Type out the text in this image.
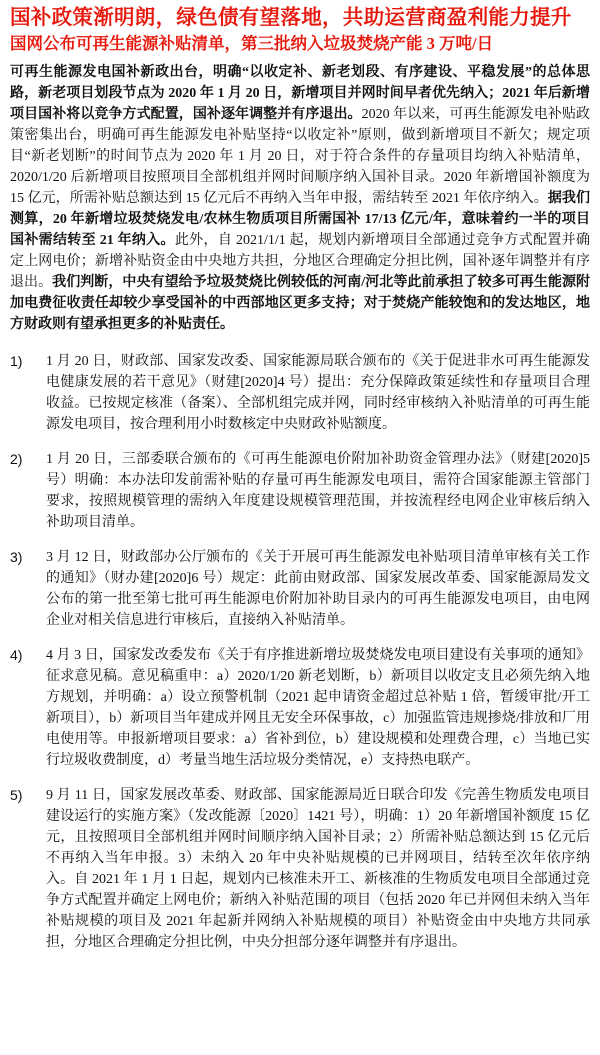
国补政策渐明朗，绿色债有望落地，共助运营商盈利能力提升
国网公布可再生能源补贴清单，第三批纳入垃圾焚烧产能 3 万吨/日
可再生能源发电国补新政出台，明确“以收定补、新老划段、有序建设、平稳发展”的总体思路，新老项目划段节点为 2020 年 1 月 20 日，新增项目并网时间早者优先纳入；2021 年后新增项目国补将以竞争方式配置，国补逐年调整并有序退出。2020 年以来，可再生能源发电补贴政策密集出台，明确可再生能源发电补贴坚持“以收定补”原则，做到新增项目不新欠；规定项目“新老划断”的时间节点为 2020 年 1 月 20 日，对于符合条件的存量项目均纳入补贴清单，2020/1/20 后新增项目按照项目全部机组并网时间顺序纳入国补目录。2020 年新增国补额度为 15 亿元，所需补贴总额达到 15 亿元后不再纳入当年申报，需结转至 2021 年依序纳入。据我们测算，20 年新增垃圾焚烧发电/农林生物质项目所需国补 17/13 亿元/年，意味着约一半的项目国补需结转至 21 年纳入。此外，自 2021/1/1 起，规划内新增项目全部通过竞争方式配置并确定上网电价；新增补贴资金由中央地方共担，分地区合理确定分担比例，国补逐年调整并有序退出。我们判断，中央有望给予垃圾焚烧比例较低的河南/河北等此前承担了较多可再生能源附加电费征收责任却较少享受国补的中西部地区更多支持；对于焚烧产能较饱和的发达地区，地方财政则有望承担更多的补贴责任。
1) 1 月 20 日，财政部、国家发改委、国家能源局联合颁布的《关于促进非水可再生能源发电健康发展的若干意见》（财建[2020]4 号）提出：充分保障政策延续性和存量项目合理收益。已按规定核准（备案）、全部机组完成并网，同时经审核纳入补贴清单的可再生能源发电项目，按合理利用小时数核定中央财政补贴额度。
2) 1 月 20 日，三部委联合颁布的《可再生能源电价附加补助资金管理办法》（财建[2020]5 号）明确：本办法印发前需补贴的存量可再生能源发电项目，需符合国家能源主管部门要求，按照规模管理的需纳入年度建设规模管理范围，并按流程经电网企业审核后纳入补助项目清单。
3) 3 月 12 日，财政部办公厅颁布的《关于开展可再生能源发电补贴项目清单审核有关工作的通知》（财办建[2020]6 号）规定：此前由财政部、国家发展改革委、国家能源局发文公布的第一批至第七批可再生能源电价附加补助目录内的可再生能源发电项目，由电网企业对相关信息进行审核后，直接纳入补贴清单。
4) 4 月 3 日，国家发改委发布《关于有序推进新增垃圾焚烧发电项目建设有关事项的通知》征求意见稿。意见稿重申：a）2020/1/20 新老划断，b）新项目以收定支且必须先纳入地方规划，并明确：a）设立预警机制（2021 起申请资金超过总补贴 1 倍，暂缓审批/开工新项目），b）新项目当年建成并网且无安全环保事故，c）加强监管违规掺烧/排放和厂用电使用等。申报新增项目要求：a）省补到位，b）建设规模和处理费合理，c）当地已实行垃圾收费制度，d）考量当地生活垃圾分类情况，e）支持热电联产。
5) 9 月 11 日，国家发展改革委、财政部、国家能源局近日联合印发《完善生物质发电项目建设运行的实施方案》（发改能源〔2020〕1421 号），明确：1）20 年新增国补额度 15 亿元，且按照项目全部机组并网时间顺序纳入国补目录；2）所需补贴总额达到 15 亿元后不再纳入当年申报。3）未纳入 20 年中央补贴规模的已并网项目，结转至次年依序纳入。自 2021 年 1 月 1 日起，规划内已核准未开工、新核准的生物质发电项目全部通过竞争方式配置并确定上网电价；新纳入补贴范围的项目（包括 2020 年已并网但未纳入当年补贴规模的项目及 2021 年起新并网纳入补贴规模的项目）补贴资金由中央地方共同承担，分地区合理确定分担比例，中央分担部分逐年调整并有序退出。
